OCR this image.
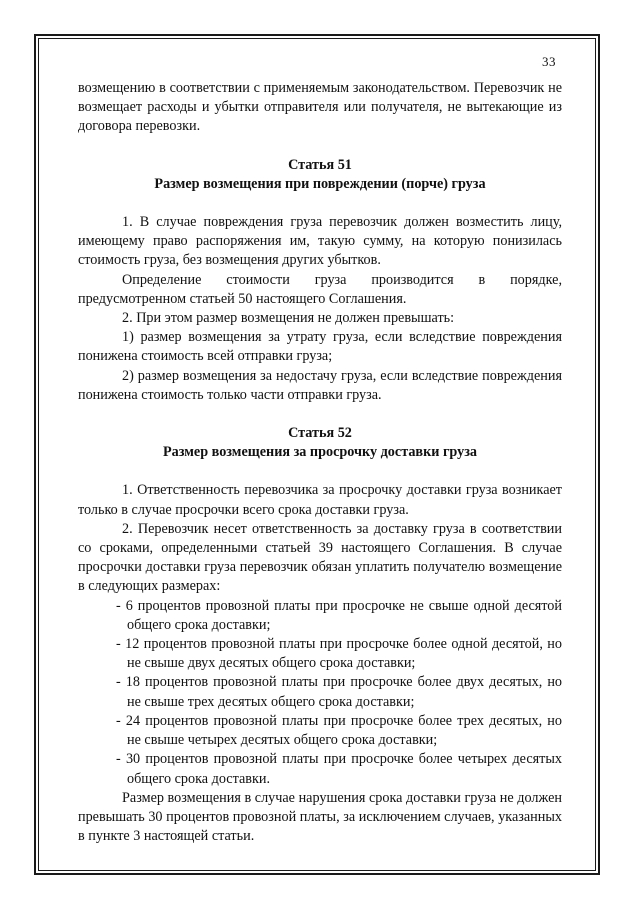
33

возмещению в соответствии с применяемым законодательством. Перевозчик не возмещает расходы и убытки отправителя или получателя, не вытекающие из договора перевозки.

Статья 51

Размер возмещения при повреждении (порче) груза

1. В случае повреждения груза перевозчик должен возместить лицу, имеющему право распоряжения им, такую сумму, на которую понизилась стоимость груза, без возмещения других убытков.

Определение стоимости груза производится в порядке, предусмотренном статьей 50 настоящего Соглашения.

2. При этом размер возмещения не должен превышать:

1) размер возмещения за утрату груза, если вследствие повреждения понижена стоимость всей отправки груза;

2) размер возмещения за недостачу груза, если вследствие повреждения понижена стоимость только части отправки груза.

Статья 52

Размер возмещения за просрочку доставки груза

1. Ответственность перевозчика за просрочку доставки груза возникает только в случае просрочки всего срока доставки груза.

2. Перевозчик несет ответственность за доставку груза в соответствии со сроками, определенными статьей 39 настоящего Соглашения. В случае просрочки доставки груза перевозчик обязан уплатить получателю возмещение в следующих размерах:

- 6 процентов провозной платы при просрочке не свыше одной десятой общего срока доставки;

- 12 процентов провозной платы при просрочке более одной десятой, но не свыше двух десятых общего срока доставки;

- 18 процентов провозной платы при просрочке более двух десятых, но не свыше трех десятых общего срока доставки;

- 24 процентов провозной платы при просрочке более трех десятых, но не свыше четырех десятых общего срока доставки;

- 30 процентов провозной платы при просрочке более четырех десятых общего срока доставки.

Размер возмещения в случае нарушения срока доставки груза не должен превышать 30 процентов провозной платы, за исключением случаев, указанных в пункте 3 настоящей статьи.
